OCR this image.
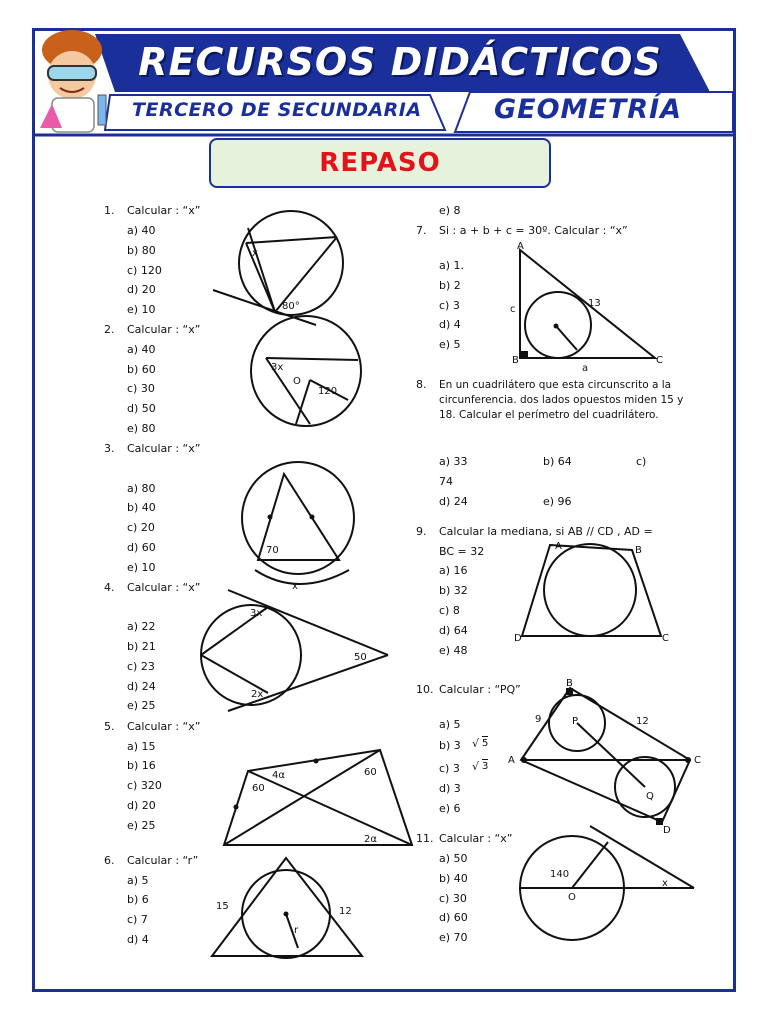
x
80°
3x
O
120
70
x
3x
2x
50
4α
60
60
2α
15	12
r
A
c
13
B
a
C
A	B
D	C
B
9	12
P
A	C
Q
D
140
O
x
RECURSOS DIDÁCTICOS
TERCERO DE SECUNDARIA	GEOMETRÍA
REPASO
1. Calcular : “x”
a) 40
b) 80
c) 120
d) 20
e) 10
2. Calcular : “x”
a) 40
b) 60
c) 30
d) 50
e) 80
3. Calcular : “x”
a) 80
b) 40
c) 20
d) 60
e) 10
4. Calcular : “x”
a) 22
b) 21
c) 23
d) 24
e) 25
5. Calcular : “x”
a) 15
b) 16
c) 320
d) 20
e) 25
6. Calcular : “r”
a) 5
b) 6
c) 7
d) 4
e) 8
7. Si : a + b + c = 30º. Calcular : “x”
a) 1.
b) 2
c) 3
d) 4
e) 5
8. En un cuadrilátero que esta circunscrito a la circunferencia. dos lados opuestos miden 15 y 18. Calcular el perímetro del cuadrilátero.
a) 33	b) 64	c)
74
d) 24	e) 96
9. Calcular la mediana, si AB // CD , AD =
BC = 32
a) 16
b) 32
c) 8
d) 64
e) 48
10. Calcular : “PQ”
a) 5
b) 3 √ 5
c) 3 √ 3
d) 3
e) 6
11. Calcular : “x”
a) 50
b) 40
c) 30
d) 60
e) 70
